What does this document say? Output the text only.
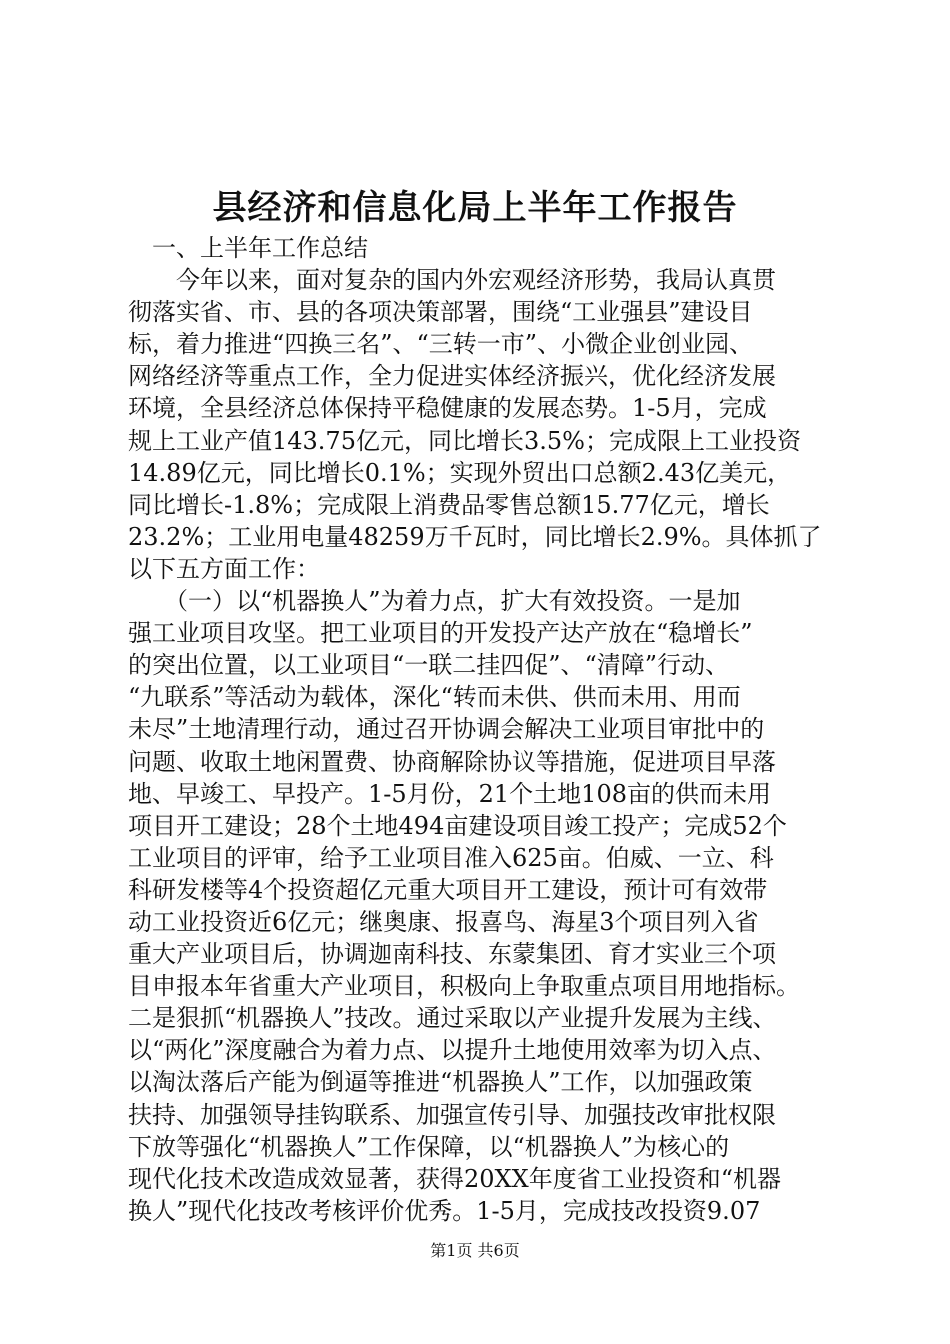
县经济和信息化局上半年工作报告
　一、上半年工作总结
　　今年以来，面对复杂的国内外宏观经济形势，我局认真贯
彻落实省、市、县的各项决策部署，围绕“工业强县”建设目
标，着力推进“四换三名”、“三转一市”、小微企业创业园、
网络经济等重点工作，全力促进实体经济振兴，优化经济发展
环境，全县经济总体保持平稳健康的发展态势。1-5月，完成
规上工业产值143.75亿元，同比增长3.5%；完成限上工业投资
14.89亿元，同比增长0.1%；实现外贸出口总额2.43亿美元，
同比增长-1.8%；完成限上消费品零售总额15.77亿元，增长
23.2%；工业用电量48259万千瓦时，同比增长2.9%。具体抓了
以下五方面工作：
　　（一）以“机器换人”为着力点，扩大有效投资。一是加
强工业项目攻坚。把工业项目的开发投产达产放在“稳增长”
的突出位置，以工业项目“一联二挂四促”、“清障”行动、
“九联系”等活动为载体，深化“转而未供、供而未用、用而
未尽”土地清理行动，通过召开协调会解决工业项目审批中的
问题、收取土地闲置费、协商解除协议等措施，促进项目早落
地、早竣工、早投产。1-5月份，21个土地108亩的供而未用
项目开工建设；28个土地494亩建设项目竣工投产；完成52个
工业项目的评审，给予工业项目准入625亩。伯威、一立、科
科研发楼等4个投资超亿元重大项目开工建设，预计可有效带
动工业投资近6亿元；继奥康、报喜鸟、海星3个项目列入省
重大产业项目后，协调迦南科技、东蒙集团、育才实业三个项
目申报本年省重大产业项目，积极向上争取重点项目用地指标。
二是狠抓“机器换人”技改。通过采取以产业提升发展为主线、
以“两化”深度融合为着力点、以提升土地使用效率为切入点、
以淘汰落后产能为倒逼等推进“机器换人”工作，以加强政策
扶持、加强领导挂钩联系、加强宣传引导、加强技改审批权限
下放等强化“机器换人”工作保障，以“机器换人”为核心的
现代化技术改造成效显著，获得20XX年度省工业投资和“机器
换人”现代化技改考核评价优秀。1-5月，完成技改投资9.07
第1页 共6页
